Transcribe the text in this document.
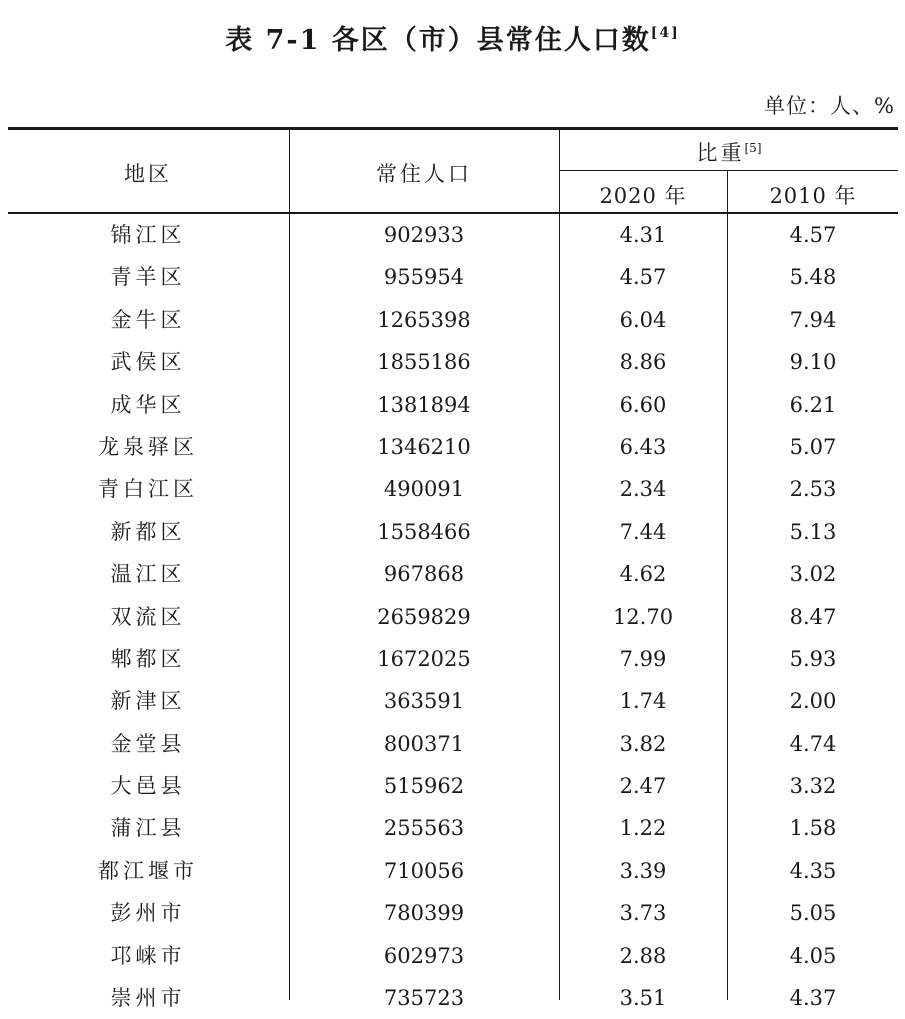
表 7-1 各区（市）县常住人口数[4]
单位：人、%
地区	常住人口
比重[5]
2020 年	2010 年
锦江区	902933	4.31	4.57
青羊区	955954	4.57	5.48
金牛区	1265398	6.04	7.94
武侯区	1855186	8.86	9.10
成华区	1381894	6.60	6.21
龙泉驿区	1346210	6.43	5.07
青白江区	490091	2.34	2.53
新都区	1558466	7.44	5.13
温江区	967868	4.62	3.02
双流区	2659829	12.70	8.47
郫都区	1672025	7.99	5.93
新津区	363591	1.74	2.00
金堂县	800371	3.82	4.74
大邑县	515962	2.47	3.32
蒲江县	255563	1.22	1.58
都江堰市	710056	3.39	4.35
彭州市	780399	3.73	5.05
邛崃市	602973	2.88	4.05
崇州市	735723	3.51	4.37
